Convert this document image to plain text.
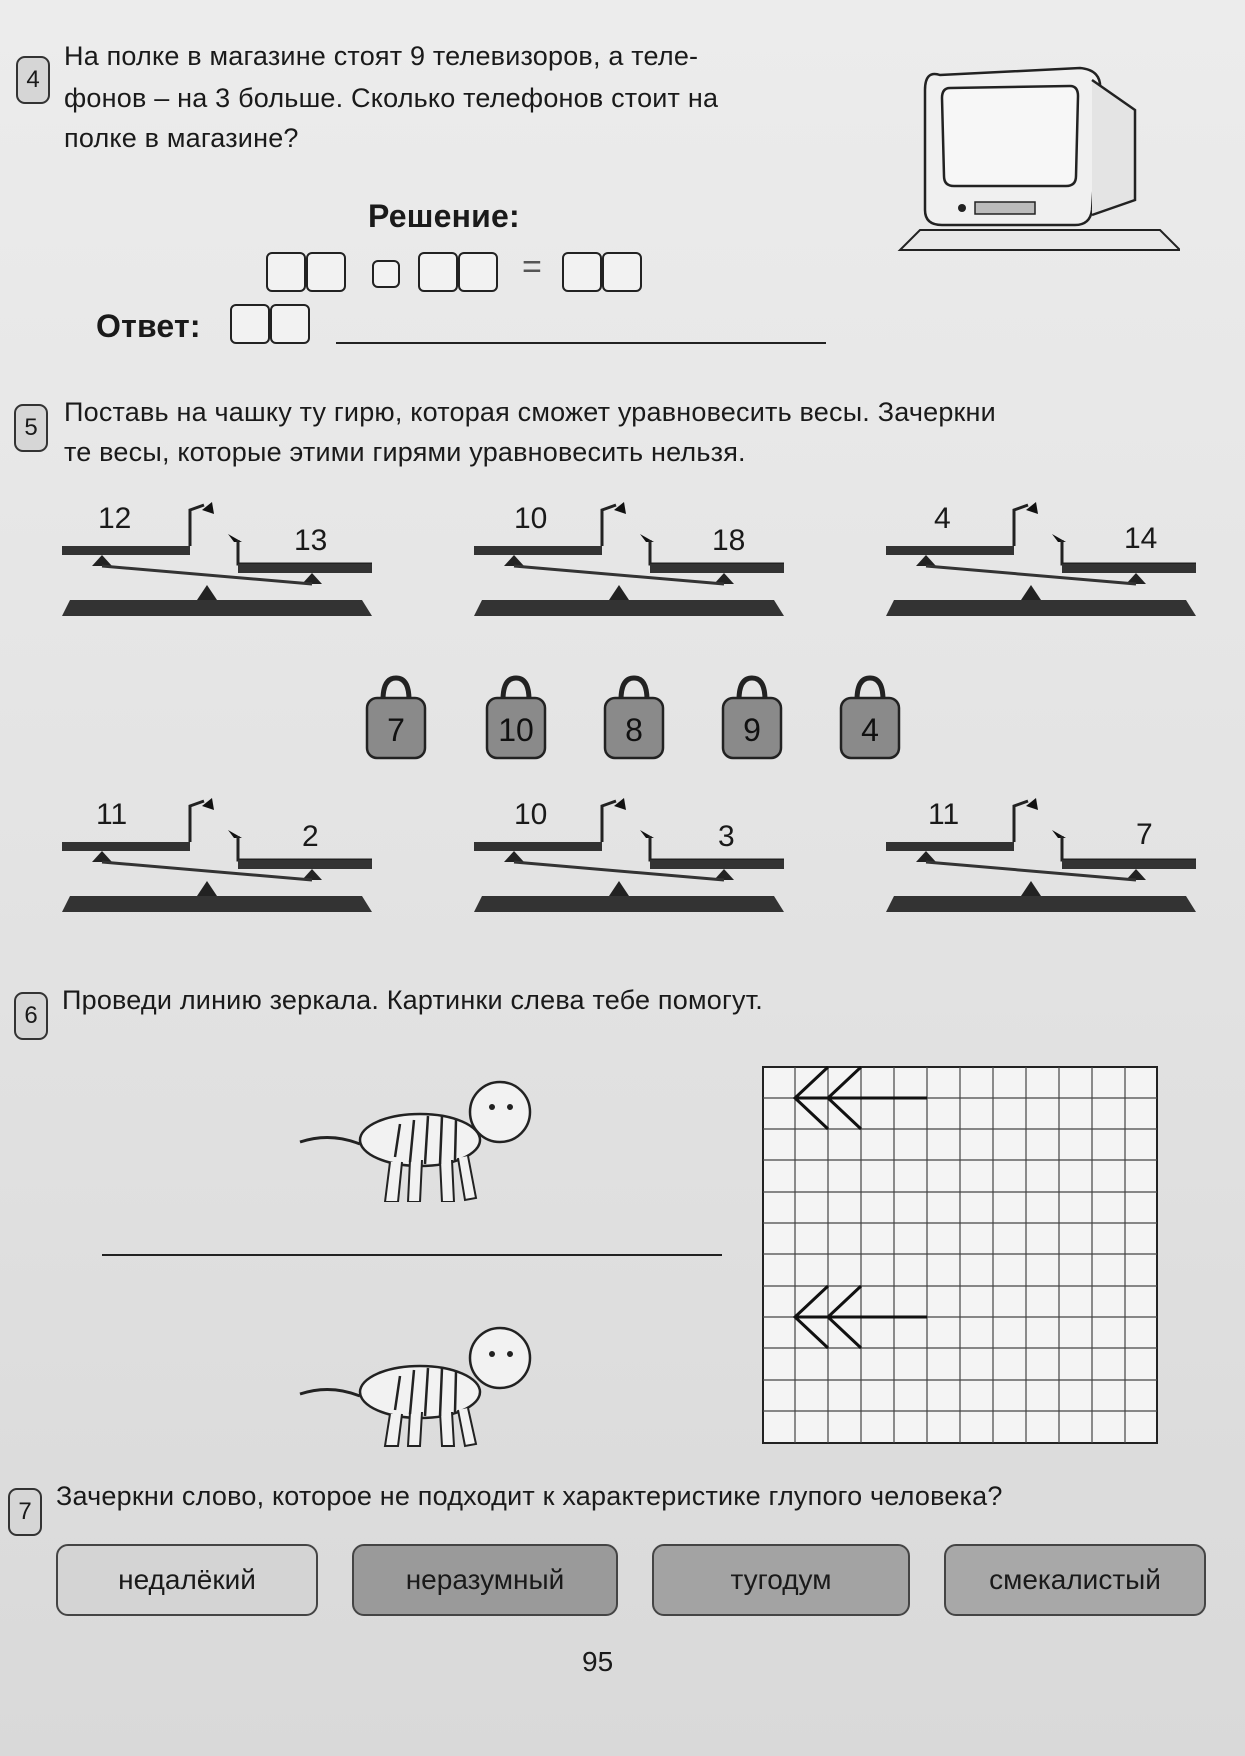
4
На полке в магазине стоят 9 телевизоров, а теле-
фонов – на 3 больше. Сколько телефонов стоит на
полке в магазине?
Решение:
=
Ответ:
5
Поставь на чашку ту гирю, которая сможет уравновесить весы. Зачеркни
те весы, которые этими гирями уравновесить нельзя.
12
13
10
18
4
14
7	10	8	9	4
11
2
10
3
11
7
6
Проведи линию зеркала. Картинки слева тебе помогут.
7
Зачеркни слово, которое не подходит к характеристике глупого человека?
недалёкий	неразумный	тугодум	смекалистый
95
